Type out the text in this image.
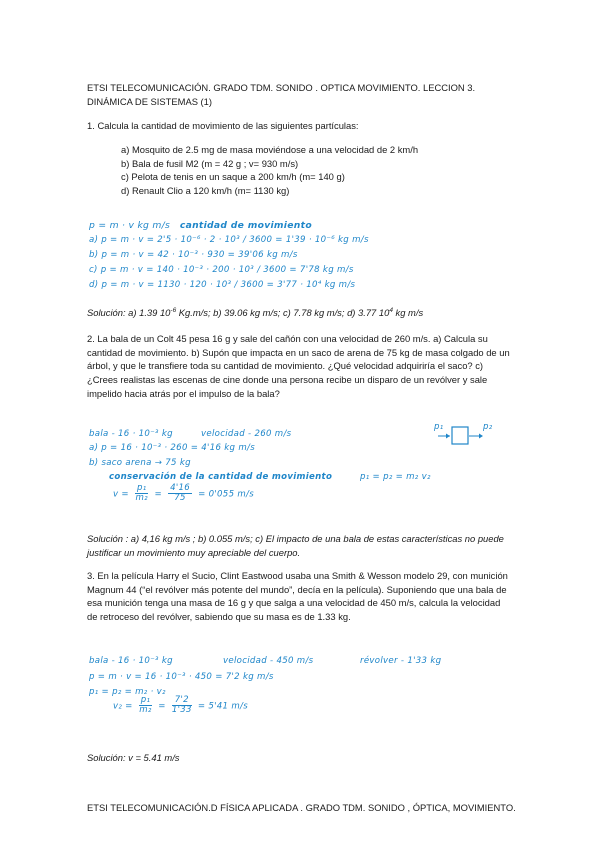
ETSI TELECOMUNICACIÓN. GRADO TDM. SONIDO . OPTICA MOVIMIENTO. LECCION 3. DINÁMICA DE SISTEMAS (1)
1. Calcula la cantidad de movimiento de las siguientes partículas:
a) Mosquito de 2.5 mg de masa moviéndose a una velocidad de 2 km/h
b) Bala de fusil M2 (m = 42 g ; v= 930 m/s)
c) Pelota de tenis en un saque a 200 km/h (m= 140 g)
d) Renault Clio a 120 km/h (m= 1130 kg)
p = m · v kg m/s cantidad de movimiento
a) p = m · v = 2'5 · 10⁻⁶ · 2 · 10³ / 3600 = 1'39 · 10⁻⁶ kg m/s
b) p = m · v = 42 · 10⁻³ · 930 = 39'06 kg m/s
c) p = m · v = 140 · 10⁻³ · 200 · 10³ / 3600 = 7'78 kg m/s
d) p = m · v = 1130 · 120 · 10³ / 3600 = 3'77 · 10⁴ kg m/s
Solución: a) 1.39 $10^{-6}$ Kg.m/s; b) 39.06 kg m/s; c) 7.78 kg m/s; d) 3.77 $10^4$ kg m/s
2. La bala de un Colt 45 pesa 16 g y sale del cañón con una velocidad de 260 m/s. a) Calcula su cantidad de movimiento. b) Supón que impacta en un saco de arena de 75 kg de masa colgado de un árbol, y que le transfiere toda su cantidad de movimiento. ¿Qué velocidad adquiriría el saco? c) ¿Crees realistas las escenas de cine donde una persona recibe un disparo de un revólver y sale impelido hacia atrás por el impulso de la bala?
bala - 16 · 10⁻³ kg	velocidad - 260 m/s
p₁	p₂
a) p = 16 · 10⁻³ · 260 = 4'16 kg m/s
b) saco arena → 75 kg
conservación de la cantidad de movimiento	p₁ = p₂ = m₂ v₂
$v = \frac{\text{p₁}}{\text{m₂}} = \frac{4'16}{75} = 0'055$ m/s
Solución : a) 4,16 kg m/s ; b) 0.055 m/s; c) El impacto de una bala de estas características no puede justificar un movimiento muy apreciable del cuerpo.
3. En la película Harry el Sucio, Clint Eastwood usaba una Smith & Wesson modelo 29, con munición Magnum 44 (“el revólver más potente del mundo”, decía en la película). Suponiendo que una bala de esa munición tenga una masa de 16 g y que salga a una velocidad de 450 m/s, calcula la velocidad de retroceso del revólver, sabiendo que su masa es de 1.33 kg.
bala - 16 · 10⁻³ kg	velocidad - 450 m/s	révolver - 1'33 kg
p = m · v = 16 · 10⁻³ · 450 = 7'2 kg m/s
p₁ = p₂ = m₂ · v₂
$v_2 = \frac{\text{p₁}}{\text{m₂}} = \frac{7'2}{1'33} = 5'41$ m/s
Solución: v = 5.41 m/s
ETSI TELECOMUNICACIÓN.D FÍSICA APLICADA . GRADO TDM. SONIDO , ÓPTICA, MOVIMIENTO.
